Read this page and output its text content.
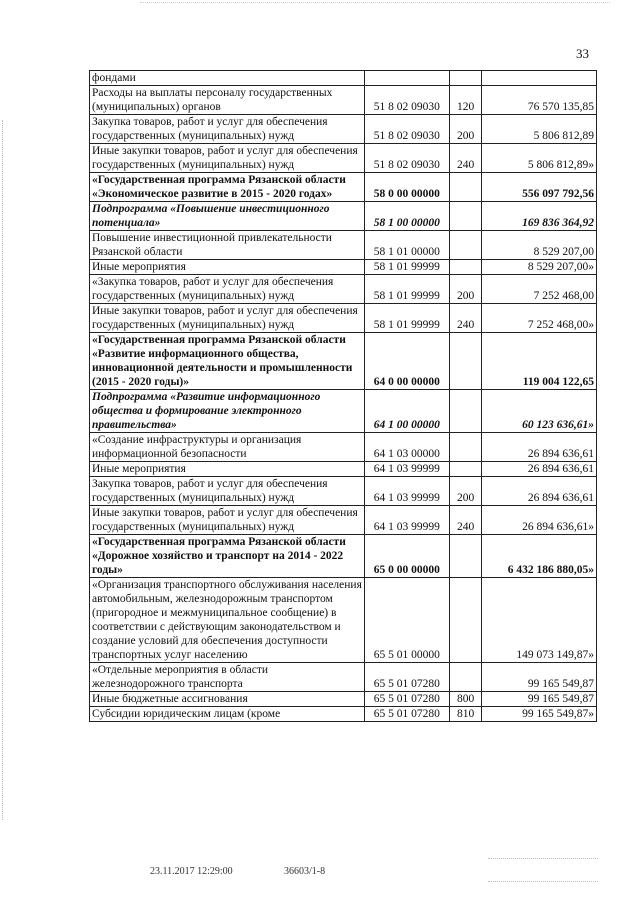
33
фондами			
Расходы на выплаты персоналу государственных (муниципальных) органов	51 8 02 09030	120	76 570 135,85
Закупка товаров, работ и услуг для обеспечения государственных (муниципальных) нужд	51 8 02 09030	200	5 806 812,89
Иные закупки товаров, работ и услуг для обеспечения государственных (муниципальных) нужд	51 8 02 09030	240	5 806 812,89»
«Государственная программа Рязанской области «Экономическое развитие в 2015 - 2020 годах»	58 0 00 00000		556 097 792,56
Подпрограмма «Повышение инвестиционного потенциала»	58 1 00 00000		169 836 364,92
Повышение инвестиционной привлекательности Рязанской области	58 1 01 00000		8 529 207,00
Иные мероприятия	58 1 01 99999		8 529 207,00»
«Закупка товаров, работ и услуг для обеспечения государственных (муниципальных) нужд	58 1 01 99999	200	7 252 468,00
Иные закупки товаров, работ и услуг для обеспечения государственных (муниципальных) нужд	58 1 01 99999	240	7 252 468,00»
«Государственная программа Рязанской области «Развитие информационного общества, инновационной деятельности и промышленности (2015 - 2020 годы)»	64 0 00 00000		119 004 122,65
Подпрограмма «Развитие информационного общества и формирование электронного правительства»	64 1 00 00000		60 123 636,61»
«Создание инфраструктуры и организация информационной безопасности	64 1 03 00000		26 894 636,61
Иные мероприятия	64 1 03 99999		26 894 636,61
Закупка товаров, работ и услуг для обеспечения государственных (муниципальных) нужд	64 1 03 99999	200	26 894 636,61
Иные закупки товаров, работ и услуг для обеспечения государственных (муниципальных) нужд	64 1 03 99999	240	26 894 636,61»
«Государственная программа Рязанской области «Дорожное хозяйство и транспорт на 2014 - 2022 годы»	65 0 00 00000		6 432 186 880,05»
«Организация транспортного обслуживания населения автомобильным, железнодорожным транспортом (пригородное и межмуниципальное сообщение) в соответствии с действующим законодательством и создание условий для обеспечения доступности транспортных услуг населению	65 5 01 00000		149 073 149,87»
«Отдельные мероприятия в области железнодорожного транспорта	65 5 01 07280		99 165 549,87
Иные бюджетные ассигнования	65 5 01 07280	800	99 165 549,87
Субсидии юридическим лицам (кроме	65 5 01 07280	810	99 165 549,87»
23.11.2017 12:29:00	36603/1-8
